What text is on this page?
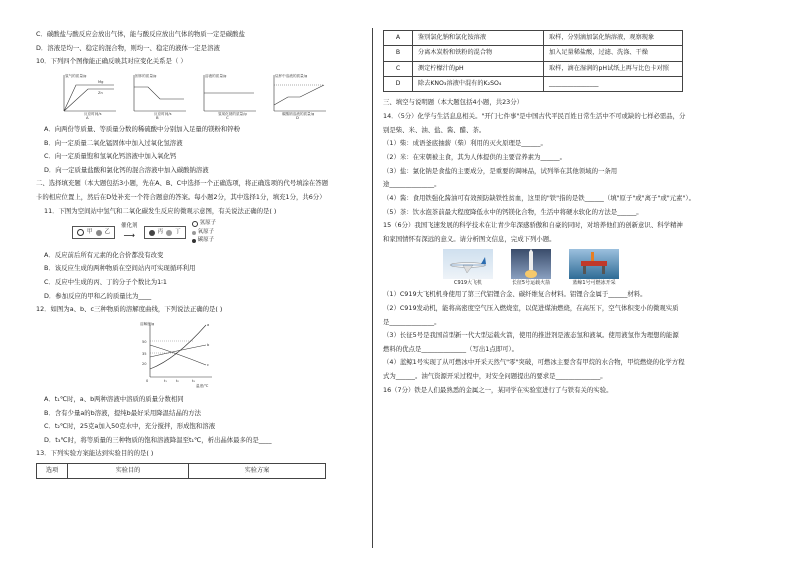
C．碳酸盐与酸反应会放出气体，能与酸反应放出气体的物质一定是碳酸盐
D．溶液是均一、稳定的混合物，则均一、稳定的液体一定是溶液
10．下列四个图像能正确反映其对应变化关系是（ ）
氢气的质量/g
Mg
Zn
反应时间/s
A
固体的质量/g
反应时间/s
B
溶液的质量/g
氢氧化钠的质量/g
C
烧杯中溶液的质量/g
碳酸钠溶液的质量/g
D
A．向两份等质量、等质量分数的稀硫酸中分别加入足量的镁粉和锌粉
B．向一定质量二氧化锰固体中加入过氧化氢溶液
C．向一定质量饱和氢氧化钙溶液中加入氧化钙
D．向一定质量盐酸和氯化钙的混合溶液中加入碳酸钠溶液
二、选择填充题（本大题包括3小题，先在A、B、C中选择一个正确选项，将正确选项的代号填涂在答题
卡的相应位置上，然后在D处补充一个符合题意的答案。每小题2分，其中选择1分，填充1分，共6分）
11．下图为空间站中氢气和二氧化碳发生反应的微观示意图，有关说法正确的是( )
甲 乙
催化剂
⟶	丙 丁
氢原子
氧原子
碳原子
A．反应前后所有元素的化合价都没有改变
B．该反应生成的两种物质在空间站内可实现循环利用
C．反应中生成的丙、丁的分子个数比为1∶1
D．参加反应的甲和乙的质量比为____
12．如图为a、b、c三种物质的溶解度曲线，下列说法正确的是( )
溶解度/g
50
35
20
0	t₁	t₂	t₃
温度/℃
a
b
c
A．t₁℃时，a、b两种溶液中溶质的质量分数相同
B．含有少量a的b溶液，提纯b最好采用降温结晶的方法
C．t₂℃时，25克a加入50克水中，充分搅拌，形成饱和溶液
D．t₃℃时，将等质量的三种物质的饱和溶液降温至t₁℃，析出晶体最多的是____
13．下列实验方案能达到实验目的的是( )
选项	实验目的	实验方案
A	鉴别氯化钠和氯化铵溶液	取样，分别滴加氯化钠溶液，观察现象
B	分离木炭粉和铁粉的混合物	加入足量稀盐酸，过滤、洗涤、干燥
C	测定柠檬汁的pH	取样，滴在湿润的pH试纸上再与比色卡对照
D	除去KNO₃溶液中混有的K₂SO₄	________________
三、填空与说明题（本大题包括4小题，共23分）
14．（5分）化学与生活息息相关。"开门七件事"是中国古代平民百姓日常生活中不可或缺的七样必需品，分
别是柴、米、油、盐、酱、醋、茶。
（1）柴：成语釜底抽薪（柴）利用的灭火原理是______。
（2）米：在宋朝被主食，其为人体提供的主要营养素为______。
（3）盐：氯化钠是食盐的主要成分，是重要的调味品，试列举在其他领域的一条用
途______________。
（4）酱：食用铁强化酱油可有效预防缺铁性贫血，这里的"铁"指的是铁______（填"原子"或"离子"或"元素"）。
（5）茶：饮水泡茶前最大程度降低水中的钙镁化合物，生活中将硬水软化的方法是______。
15（6分）我国飞速发展的科学技术在让青少年深感骄傲和自豪的同时，对培养他们的创新意识、科学精神
和家国情怀有深远的意义。请分析图文信息，完成下列小题。
C919大飞机	长征5号运载火箭	蓝鲸1号可燃冰开采
（1）C919大飞机机身使用了第三代铝锂合金、碳纤维复合材料。铝锂合金属于______材料。
（2）C919发动机，能将高密度空气压入燃烧室，以促进煤油燃烧，在高压下，空气体积变小的微观实质
是______________。
（3）长征5号是我国首型新一代大型运载火箭，使用的推进剂是液态氢和液氧。使用液氢作为理想的能源
燃料的优点是______________（写出1点即可）。
（4）蓝鲸1号实现了从可燃冰中开采天然气"零"突破，可燃冰主要含有甲烷的水合物，甲烷燃烧的化学方程
式为______。油气资源开采过程中，对安全问题提出的要求是______________。
16（7分）铁是人们最熟悉的金属之一，某同学在实验室进行了与铁有关的实验。
